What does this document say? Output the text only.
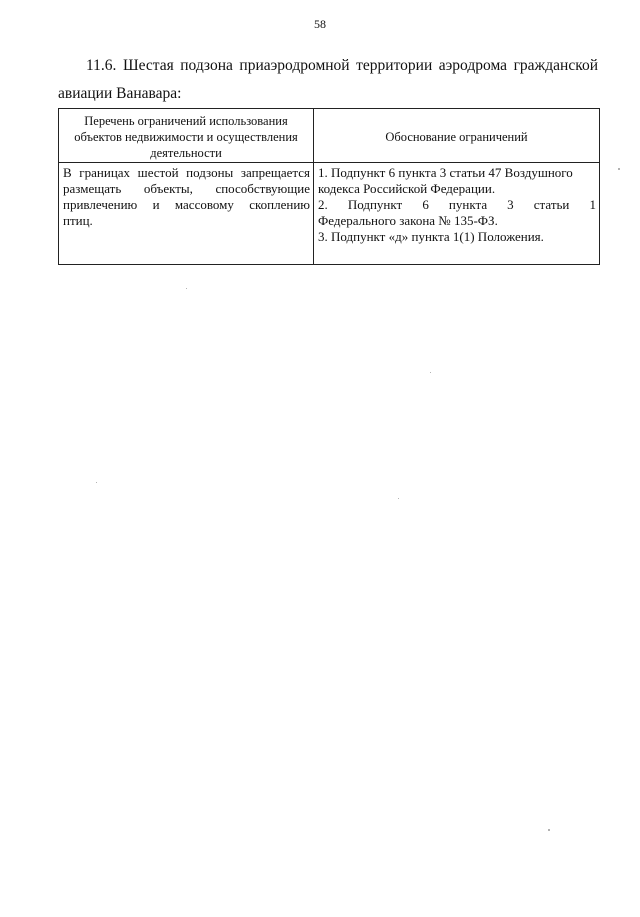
58
11.6. Шестая подзона приаэродромной территории аэродрома гражданской
авиации Ванавара:
Перечень ограничений использования объектов недвижимости и осуществления деятельности	Обоснование ограничений

В границах шестой подзоны запрещается
размещать объекты, способствующие
привлечению и массовому скоплению
птиц.	1. Подпункт 6 пункта 3 статьи 47 Воздушного
кодекса Российской Федерации.
2. Подпункт 6 пункта 3 статьи 1
Федерального закона № 135-ФЗ.
3. Подпункт «д» пункта 1(1) Положения.
